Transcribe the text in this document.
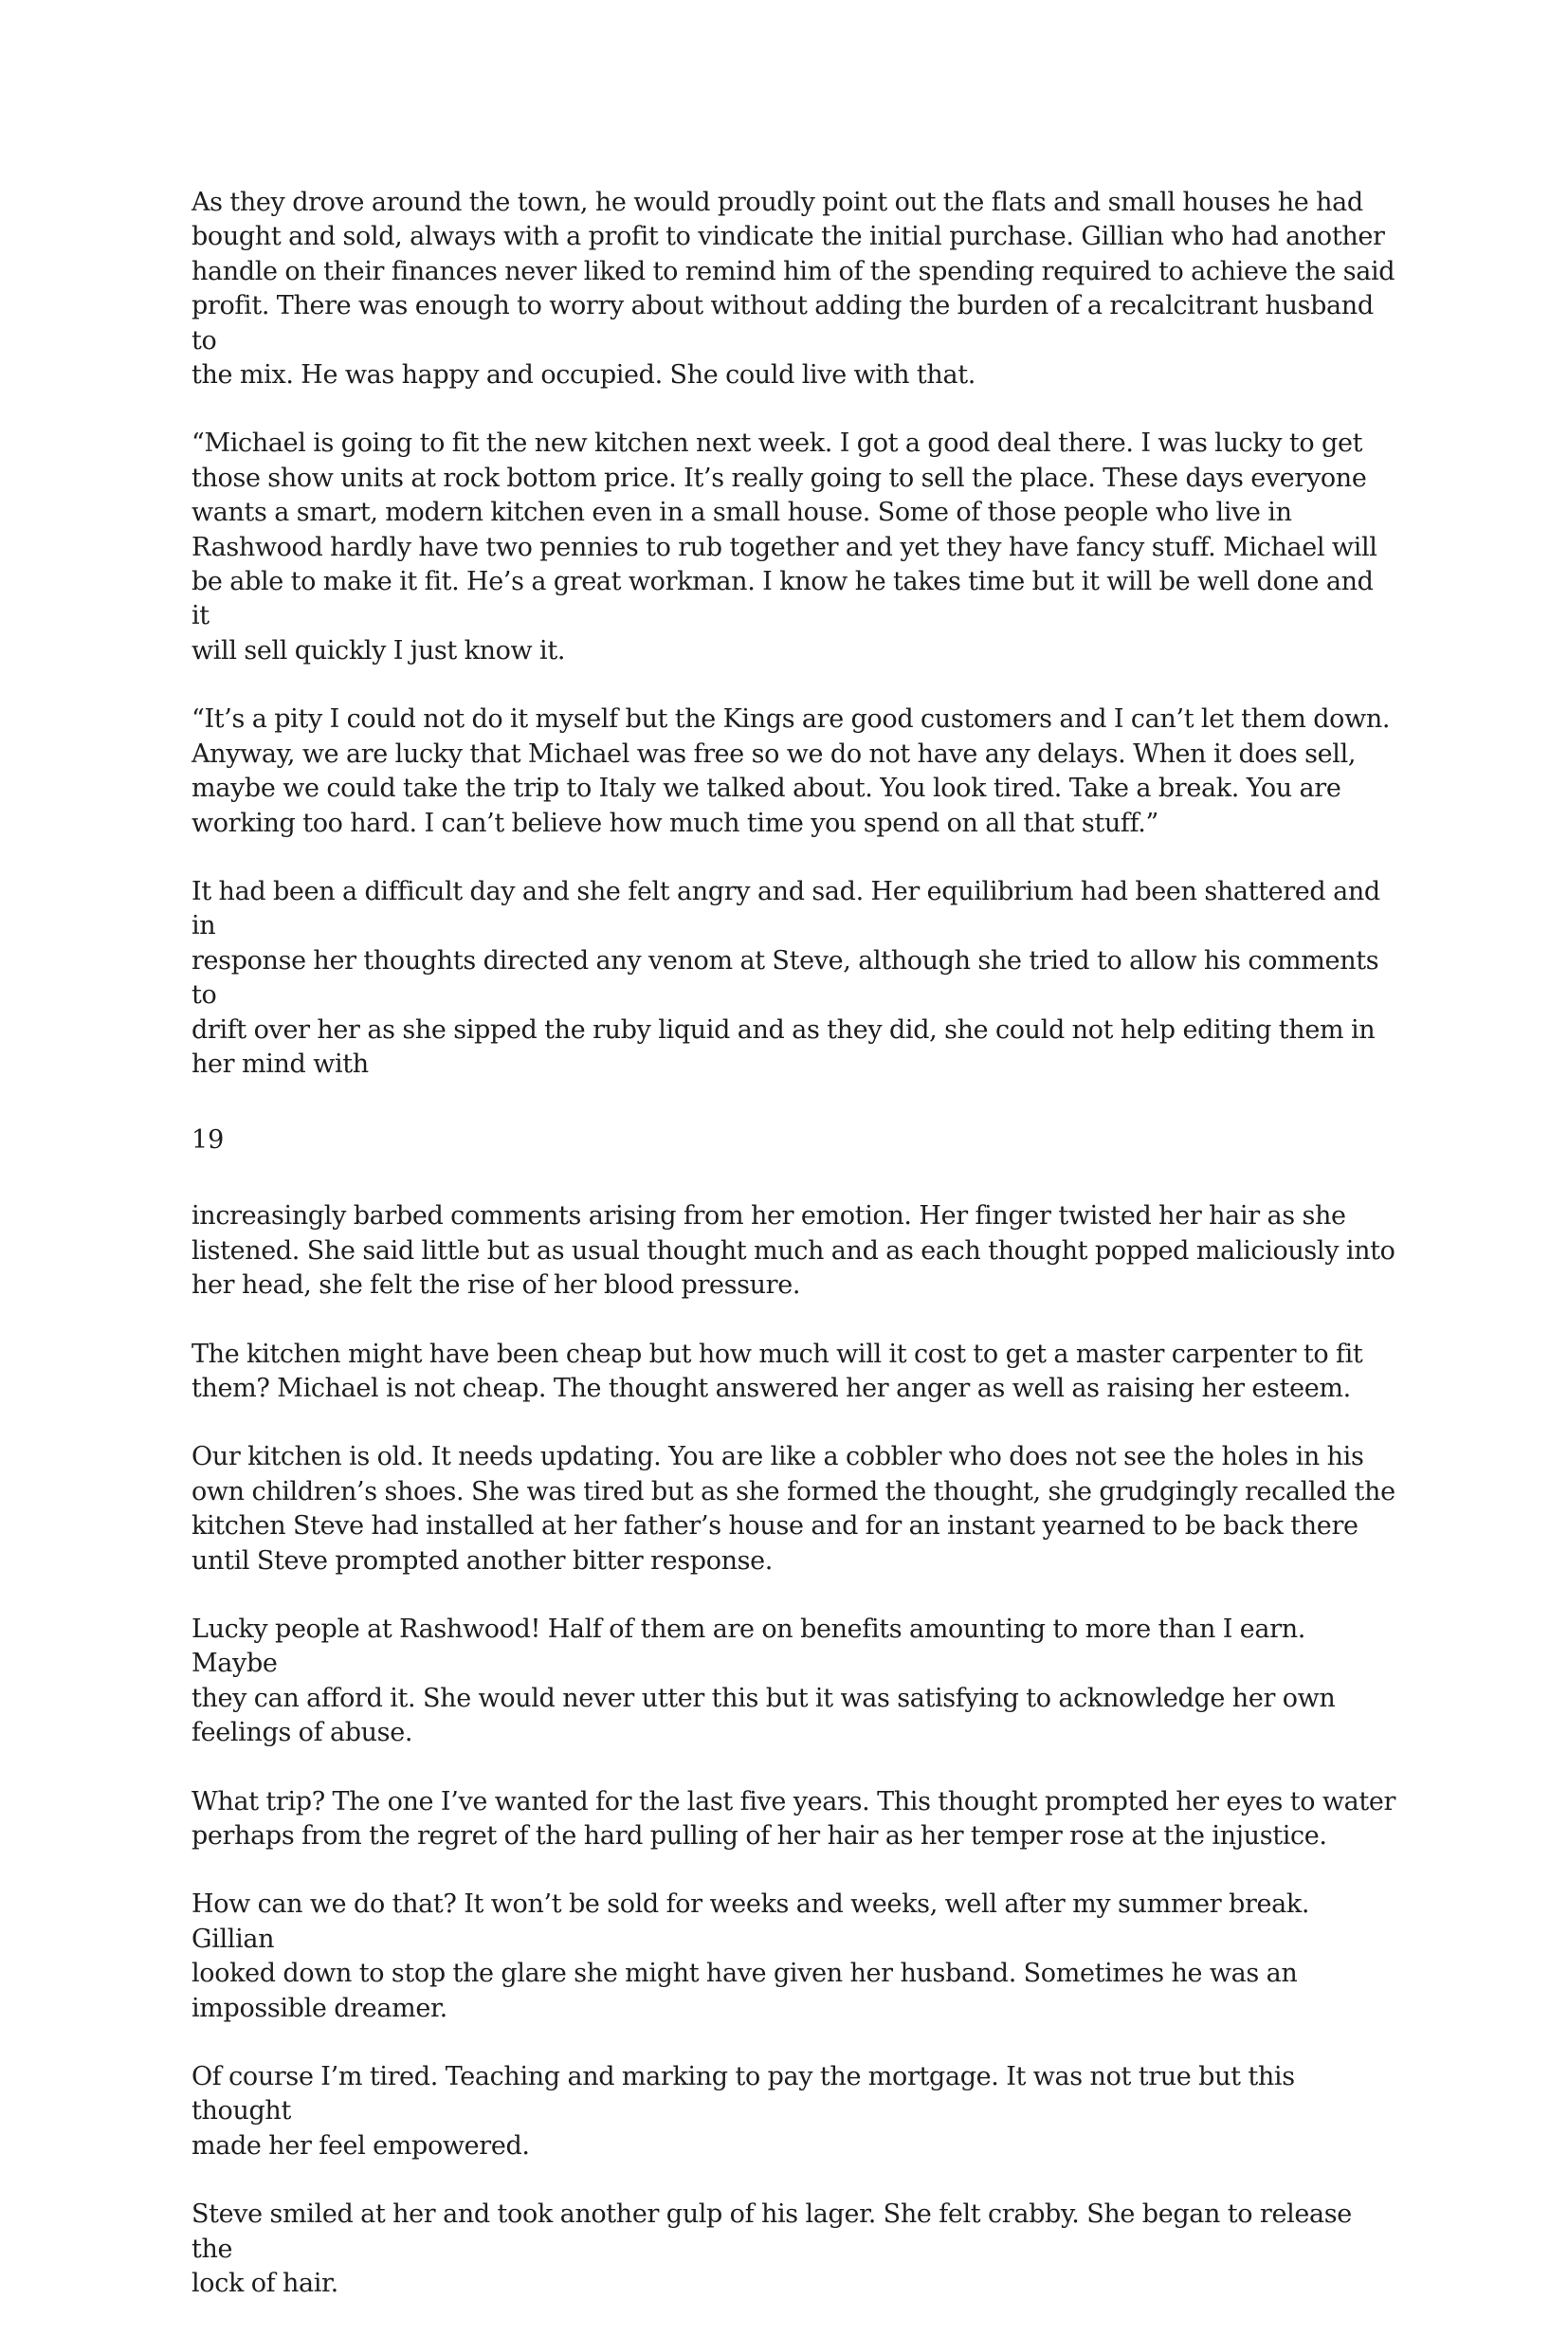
As they drove around the town, he would proudly point out the flats and small houses he had
bought and sold, always with a profit to vindicate the initial purchase. Gillian who had another
handle on their finances never liked to remind him of the spending required to achieve the said
profit. There was enough to worry about without adding the burden of a recalcitrant husband to
the mix. He was happy and occupied. She could live with that.

“Michael is going to fit the new kitchen next week. I got a good deal there. I was lucky to get
those show units at rock bottom price. It’s really going to sell the place. These days everyone
wants a smart, modern kitchen even in a small house. Some of those people who live in
Rashwood hardly have two pennies to rub together and yet they have fancy stuff. Michael will
be able to make it fit. He’s a great workman. I know he takes time but it will be well done and it
will sell quickly I just know it.

“It’s a pity I could not do it myself but the Kings are good customers and I can’t let them down.
Anyway, we are lucky that Michael was free so we do not have any delays. When it does sell,
maybe we could take the trip to Italy we talked about. You look tired. Take a break. You are
working too hard. I can’t believe how much time you spend on all that stuff.”

It had been a difficult day and she felt angry and sad. Her equilibrium had been shattered and in
response her thoughts directed any venom at Steve, although she tried to allow his comments to
drift over her as she sipped the ruby liquid and as they did, she could not help editing them in
her mind with

19

increasingly barbed comments arising from her emotion. Her finger twisted her hair as she
listened. She said little but as usual thought much and as each thought popped maliciously into
her head, she felt the rise of her blood pressure.

The kitchen might have been cheap but how much will it cost to get a master carpenter to fit
them? Michael is not cheap. The thought answered her anger as well as raising her esteem.

Our kitchen is old. It needs updating. You are like a cobbler who does not see the holes in his
own children’s shoes. She was tired but as she formed the thought, she grudgingly recalled the
kitchen Steve had installed at her father’s house and for an instant yearned to be back there
until Steve prompted another bitter response.

Lucky people at Rashwood! Half of them are on benefits amounting to more than I earn. Maybe
they can afford it. She would never utter this but it was satisfying to acknowledge her own
feelings of abuse.

What trip? The one I’ve wanted for the last five years. This thought prompted her eyes to water
perhaps from the regret of the hard pulling of her hair as her temper rose at the injustice.

How can we do that? It won’t be sold for weeks and weeks, well after my summer break. Gillian
looked down to stop the glare she might have given her husband. Sometimes he was an
impossible dreamer.

Of course I’m tired. Teaching and marking to pay the mortgage. It was not true but this thought
made her feel empowered.

Steve smiled at her and took another gulp of his lager. She felt crabby. She began to release the
lock of hair.
